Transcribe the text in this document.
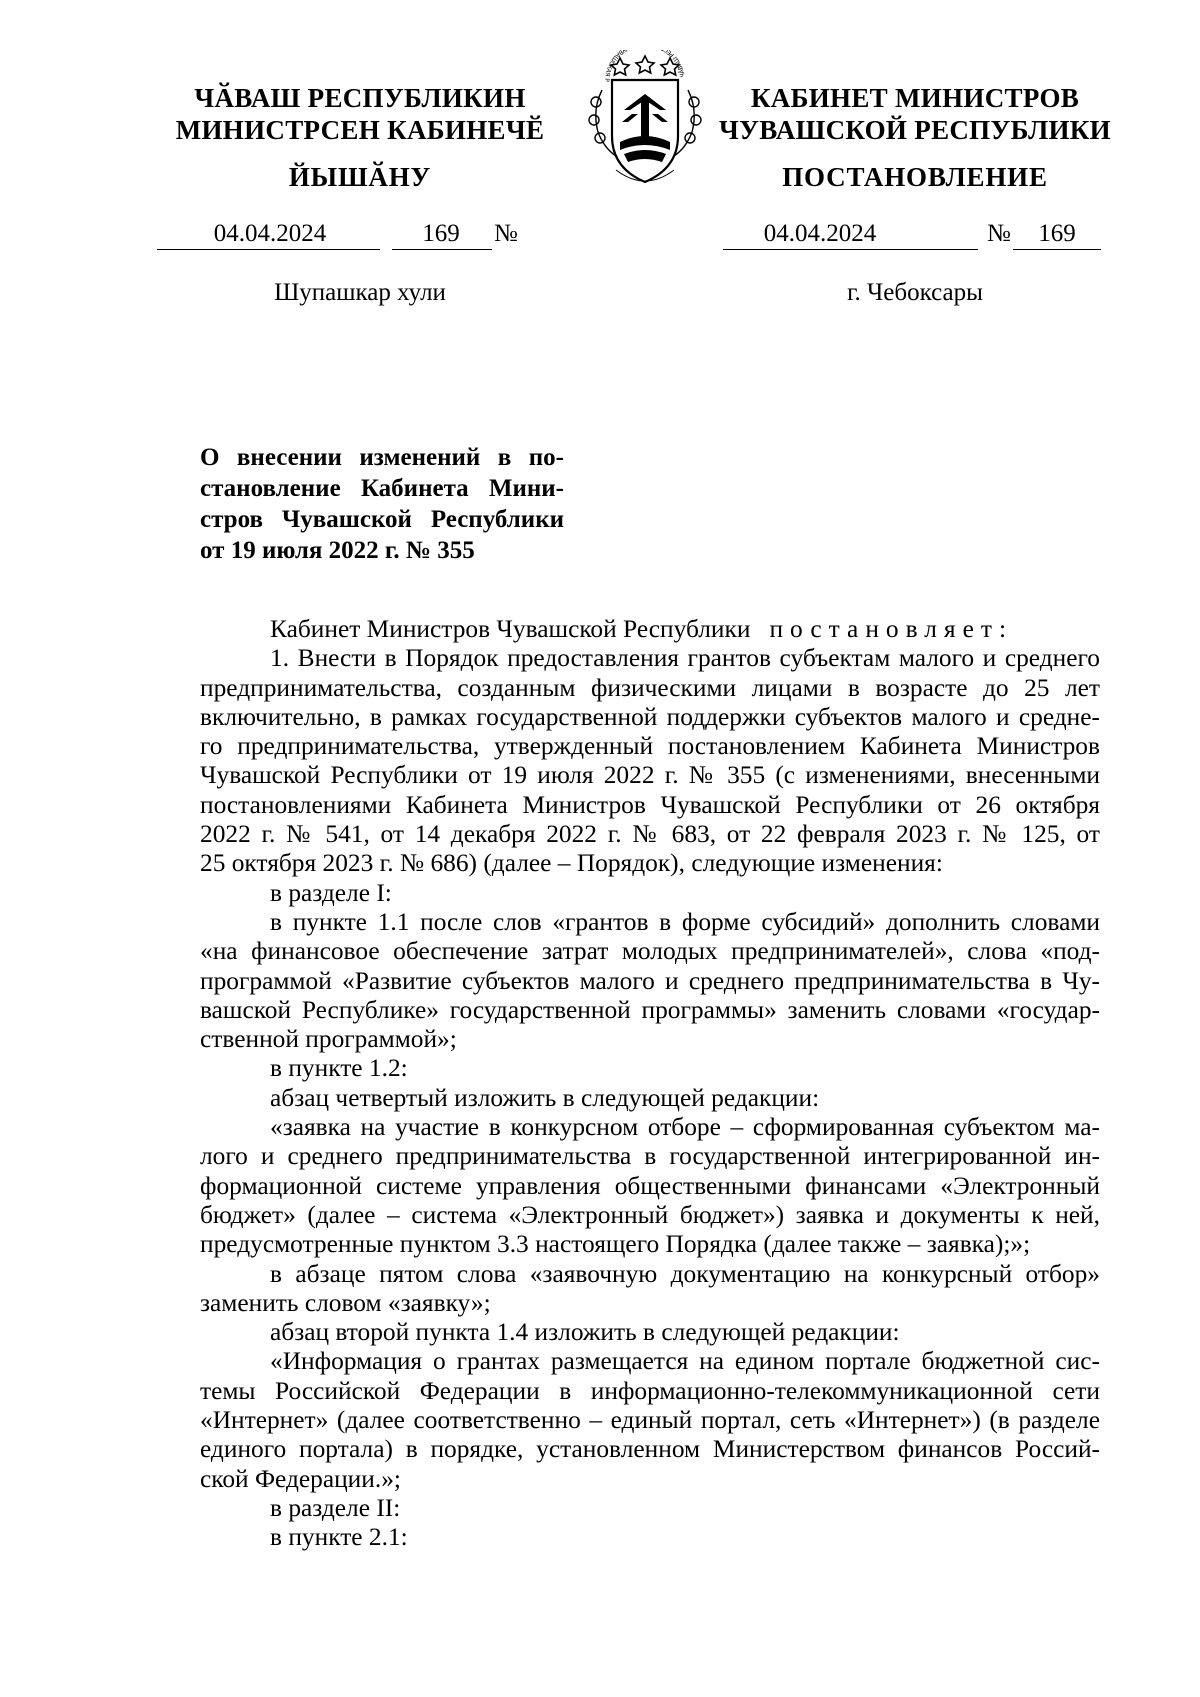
ЧӐВАШ РЕСПУБЛИКИН
МИНИСТРСЕН КАБИНЕЧӖ
ЙЫШӐНУ
04.04.2024	169	№
Шупашкар хули
ЧӐВАШ РЕ УВАШСКАЯ Р
КАБИНЕТ МИНИСТРОВ
ЧУВАШСКОЙ РЕСПУБЛИКИ
ПОСТАНОВЛЕНИЕ
04.04.2024	№	169
г. Чебоксары
О внесении изменений в по-
становление Кабинета Мини-
стров Чувашской Республики
от 19 июля 2022 г. № 355

Кабинет Министров Чувашской Республики постановляет:

1. Внести в Порядок предоставления грантов субъектам малого и среднего

предпринимательства, созданным физическими лицами в возрасте до 25 лет

включительно, в рамках государственной поддержки субъектов малого и средне-

го предпринимательства, утвержденный постановлением Кабинета Министров

Чувашской Республики от 19 июля 2022 г. № 355 (с изменениями, внесенными

постановлениями Кабинета Министров Чувашской Республики от 26 октября

2022 г. № 541, от 14 декабря 2022 г. № 683, от 22 февраля 2023 г. № 125, от

25 октября 2023 г. № 686) (далее – Порядок), следующие изменения:

в разделе I:

в пункте 1.1 после слов «грантов в форме субсидий» дополнить словами

«на финансовое обеспечение затрат молодых предпринимателей», слова «под-

программой «Развитие субъектов малого и среднего предпринимательства в Чу-

вашской Республике» государственной программы» заменить словами «государ-

ственной программой»;

в пункте 1.2:

абзац четвертый изложить в следующей редакции:

«заявка на участие в конкурсном отборе – сформированная субъектом ма-

лого и среднего предпринимательства в государственной интегрированной ин-

формационной системе управления общественными финансами «Электронный

бюджет» (далее – система «Электронный бюджет») заявка и документы к ней,

предусмотренные пунктом 3.3 настоящего Порядка (далее также – заявка);»;

в абзаце пятом слова «заявочную документацию на конкурсный отбор»

заменить словом «заявку»;

абзац второй пункта 1.4 изложить в следующей редакции:

«Информация о грантах размещается на едином портале бюджетной сис-

темы Российской Федерации в информационно-телекоммуникационной сети

«Интернет» (далее соответственно – единый портал, сеть «Интернет») (в разделе

единого портала) в порядке, установленном Министерством финансов Россий-

ской Федерации.»;

в разделе II:

в пункте 2.1:
